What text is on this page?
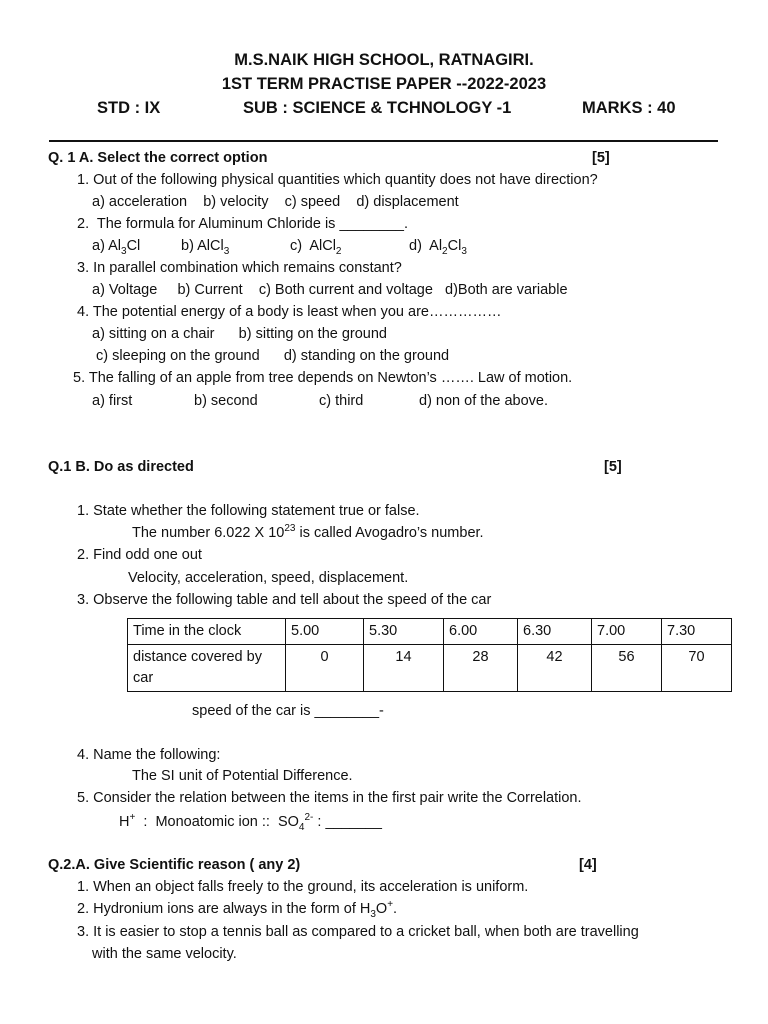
M.S.NAIK HIGH SCHOOL, RATNAGIRI.
1ST TERM PRACTISE PAPER --2022-2023
STD : IX	SUB : SCIENCE & TCHNOLOGY -1	MARKS : 40
Q. 1 A. Select the correct option	[5]
1. Out of the following physical quantities which quantity does not have direction?
a) acceleration    b) velocity    c) speed    d) displacement
2.  The formula for Aluminum Chloride is ________.
a) $Al_3Cl$	b) AlCl$_3$	c)  AlCl$_2$	d)  $Al_2Cl_3$
3. In parallel combination which remains constant?
a) Voltage     b) Current    c) Both current and voltage   d)Both are variable
4. The potential energy of a body is least when you are……………
a) sitting on a chair      b) sitting on the ground
c) sleeping on the ground      d) standing on the ground
5. The falling of an apple from tree depends on Newton’s ……. Law of motion.
a) first	b) second	c) third	d) non of the above.
Q.1 B. Do as directed	[5]
1. State whether the following statement true or false.
The number 6.022 X $10^{23}$ is called Avogadro’s number.
2. Find odd one out
Velocity, acceleration, speed, displacement.
3. Observe the following table and tell about the speed of the car
Time in the clock	5.00	5.30	6.00	6.30	7.00	7.30
distance covered by car	0	14	28	42	56	70
speed of the car is ________-
4. Name the following:
The SI unit of Potential Difference.
5. Consider the relation between the items in the first pair write the Correlation.
H+  :  Monoatomic ion ::  $SO_4^{2-}$ : _______
Q.2.A. Give Scientific reason ( any 2)	[4]
1. When an object falls freely to the ground, its acceleration is uniform.
2. Hydronium ions are always in the form of $H_3O^+$.
3. It is easier to stop a tennis ball as compared to a cricket ball, when both are travelling
with the same velocity.
